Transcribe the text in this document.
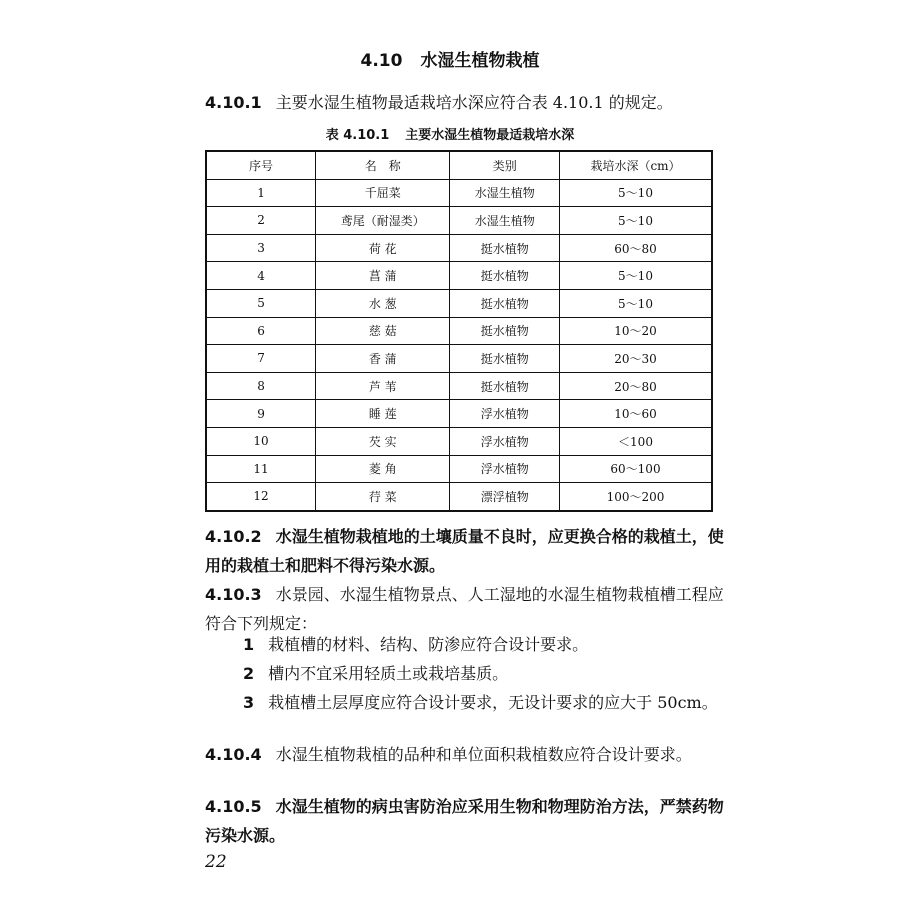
4.10 水湿生植物栽植
4.10.1 主要水湿生植物最适栽培水深应符合表 4.10.1 的规定。
表 4.10.1 主要水湿生植物最适栽培水深
序号	名　称	类别	栽培水深（cm）
1	千屈菜	水湿生植物	5～10
2	鸢尾（耐湿类）	水湿生植物	5～10
3	荷 花	挺水植物	60～80
4	菖 蒲	挺水植物	5～10
5	水 葱	挺水植物	5～10
6	慈 菇	挺水植物	10～20
7	香 蒲	挺水植物	20～30
8	芦 苇	挺水植物	20～80
9	睡 莲	浮水植物	10～60
10	芡 实	浮水植物	＜100
11	菱 角	浮水植物	60～100
12	荇 菜	漂浮植物	100～200
4.10.2 水湿生植物栽植地的土壤质量不良时，应更换合格的栽植土，使用的栽植土和肥料不得污染水源。
4.10.3 水景园、水湿生植物景点、人工湿地的水湿生植物栽植槽工程应符合下列规定：
1 栽植槽的材料、结构、防渗应符合设计要求。
2 槽内不宜采用轻质土或栽培基质。
3 栽植槽土层厚度应符合设计要求，无设计要求的应大于 50cm。
4.10.4 水湿生植物栽植的品种和单位面积栽植数应符合设计要求。
4.10.5 水湿生植物的病虫害防治应采用生物和物理防治方法，严禁药物污染水源。
22
